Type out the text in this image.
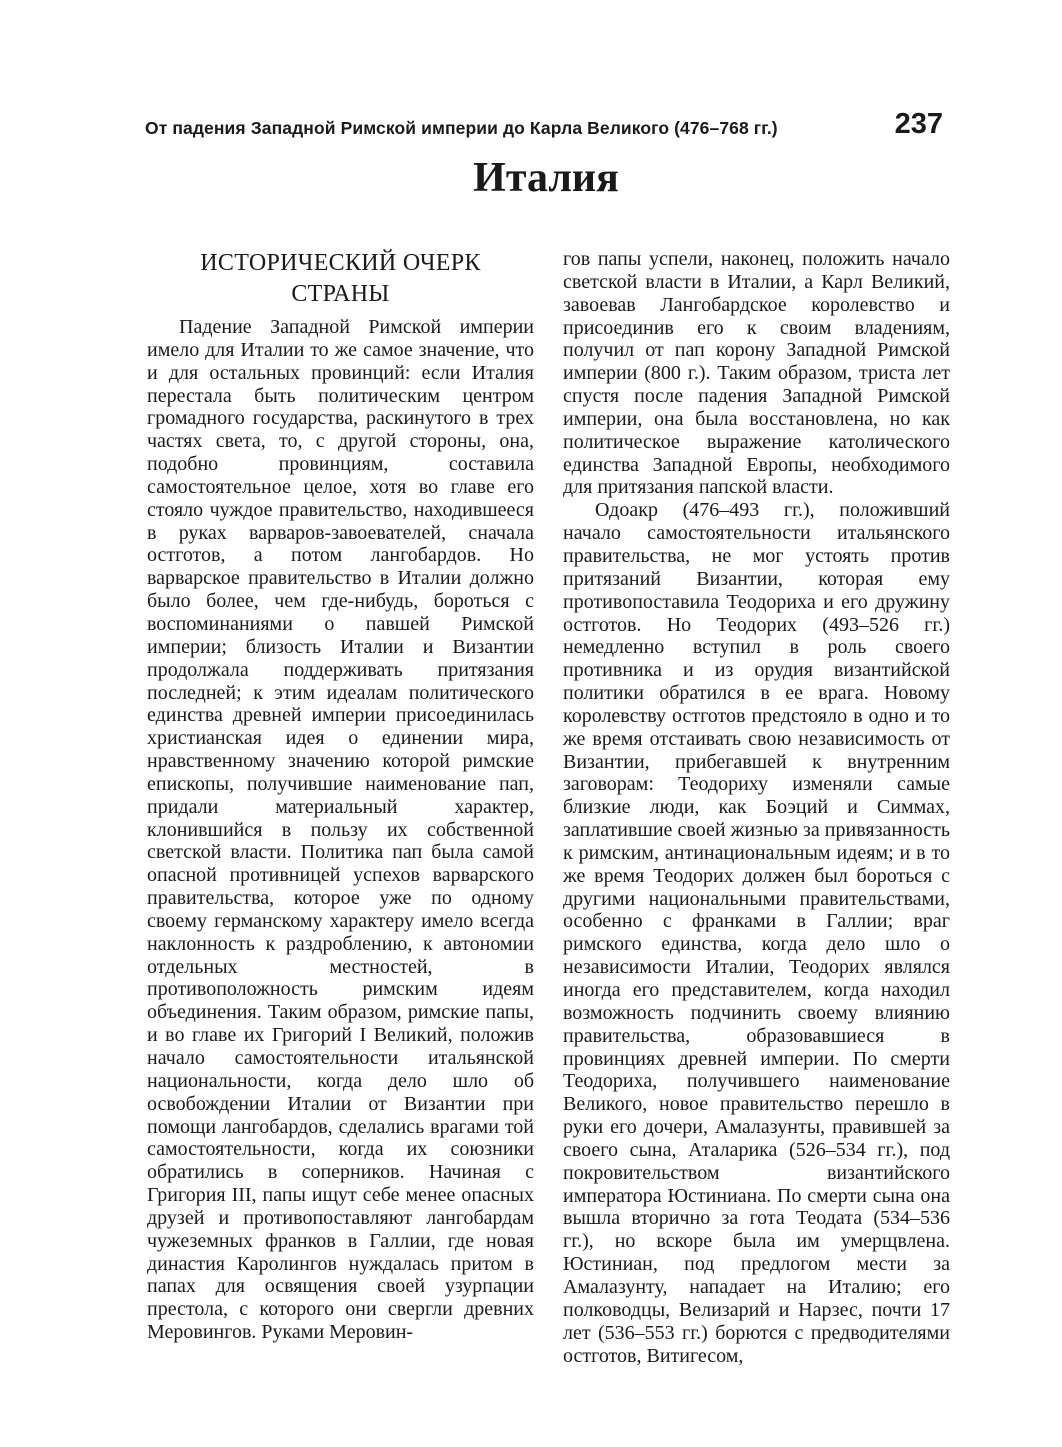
От падения Западной Римской империи до Карла Великого (476–768 гг.)	237
Италия
ИСТОРИЧЕСКИЙ ОЧЕРК
СТРАНЫ

Падение Западной Римской империи имело для Италии то же самое значение, что и для остальных провинций: если Италия перестала быть политическим центром громадного государства, раскинутого в трех частях света, то, с другой стороны, она, подобно провинциям, составила самостоятельное целое, хотя во главе его стояло чуждое правительство, находившееся в руках варваров-завоевателей, сначала остготов, а потом лангобардов. Но варварское правительство в Италии должно было более, чем где-нибудь, бороться с воспоминаниями о павшей Римской империи; близость Италии и Византии продолжала поддерживать притязания последней; к этим идеалам политического единства древней империи присоединилась христианская идея о единении мира, нравственному значению которой римские епископы, получившие наименование пап, придали материальный характер, клонившийся в пользу их собственной светской власти. Политика пап была самой опасной противницей успехов варварского правительства, которое уже по одному своему германскому характеру имело всегда наклонность к раздроблению, к автономии отдельных местностей, в противоположность римским идеям объединения. Таким образом, римские папы, и во главе их Григорий I Великий, положив начало самостоятельности итальянской национальности, когда дело шло об освобождении Италии от Византии при помощи лангобардов, сделались врагами той самостоятельности, когда их союзники обратились в соперников. Начиная с Григория III, папы ищут себе менее опасных друзей и противопоставляют лангобардам чужеземных франков в Галлии, где новая династия Каролингов нуждалась притом в папах для освящения своей узурпации престола, с которого они свергли древних Меровингов. Руками Меровин-

гов папы успели, наконец, положить начало светской власти в Италии, а Карл Великий, завоевав Лангобардское королевство и присоединив его к своим владениям, получил от пап корону Западной Римской империи (800 г.). Таким образом, триста лет спустя после падения Западной Римской империи, она была восстановлена, но как политическое выражение католического единства Западной Европы, необходимого для притязания папской власти.

Одоакр (476–493 гг.), положивший начало самостоятельности итальянского правительства, не мог устоять против притязаний Византии, которая ему противопоставила Теодориха и его дружину остготов. Но Теодорих (493–526 гг.) немедленно вступил в роль своего противника и из орудия византийской политики обратился в ее врага. Новому королевству остготов предстояло в одно и то же время отстаивать свою независимость от Византии, прибегавшей к внутренним заговорам: Теодориху изменяли самые близкие люди, как Боэций и Симмах, заплатившие своей жизнью за привязанность к римским, антинациональным идеям; и в то же время Теодорих должен был бороться с другими национальными правительствами, особенно с франками в Галлии; враг римского единства, когда дело шло о независимости Италии, Теодорих являлся иногда его представителем, когда находил возможность подчинить своему влиянию правительства, образовавшиеся в провинциях древней империи. По смерти Теодориха, получившего наименование Великого, новое правительство перешло в руки его дочери, Амалазунты, правившей за своего сына, Аталарика (526–534 гг.), под покровительством византийского императора Юстиниана. По смерти сына она вышла вторично за гота Теодата (534–536 гг.), но вскоре была им умерщвлена. Юстиниан, под предлогом мести за Амалазунту, нападает на Италию; его полководцы, Велизарий и Нарзес, почти 17 лет (536–553 гг.) борются с предводителями остготов, Витигесом,
